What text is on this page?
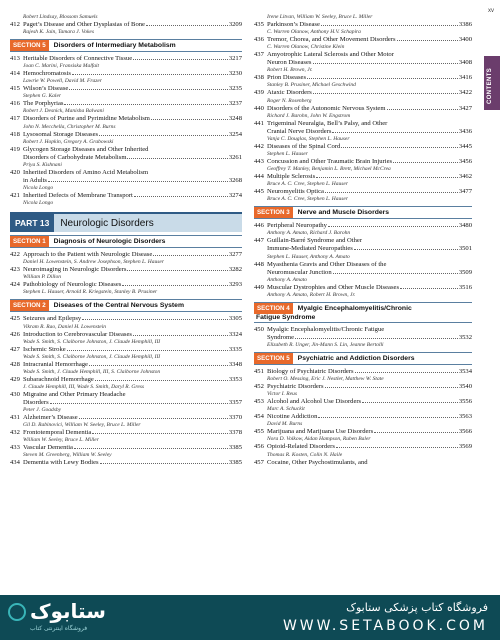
xv
CONTENTS
Robert Lindsay, Blossom Samuels
412 Paget’s Disease and Other Dysplasias of Bone	3209
Rajesh K. Jain, Tamara J. Vokes
SECTION 5	Disorders of Intermediary Metabolism
413 Heritable Disorders of Connective Tissue	3217
Joan C. Marini, Fransiska Malfait
414 Hemochromatosis	3230
Lawrie W. Powell, David M. Frazer
415 Wilson’s Disease	3235
Stephen G. Kaler
416 The Porphyrias	3237
Robert J. Desnick, Manisha Balwani
417 Disorders of Purine and Pyrimidine Metabolism	3248
John N. Mecchella, Christopher M. Burns
418 Lysosomal Storage Diseases	3254
Robert J. Hopkin, Gregory A. Grabowski
419 Glycogen Storage Diseases and Other Inherited
Disorders of Carbohydrate Metabolism	3261
Priya S. Kishnani
420 Inherited Disorders of Amino Acid Metabolism
in Adults	3268
Nicola Longo
421 Inherited Defects of Membrane Transport	3274
Nicola Longo
PART 13	Neurologic Disorders
SECTION 1	Diagnosis of Neurologic Disorders
422 Approach to the Patient with Neurologic Disease	3277
Daniel H. Lowenstein, S. Andrew Josephson, Stephen L. Hauser
423 Neuroimaging in Neurologic Disorders	3282
William P. Dillon
424 Pathobiology of Neurologic Diseases	3293
Stephen L. Hauser, Arnold R. Kriegstein, Stanley B. Prusiner
SECTION 2	Diseases of the Central Nervous System
425 Seizures and Epilepsy	3305
Vikram R. Rao, Daniel H. Lowenstein
426 Introduction to Cerebrovascular Diseases	3324
Wade S. Smith, S. Claiborne Johnston, J. Claude Hemphill, III
427 Ischemic Stroke	3335
Wade S. Smith, S. Claiborne Johnston, J. Claude Hemphill, III
428 Intracranial Hemorrhage	3348
Wade S. Smith, J. Claude Hemphill, III, S. Claiborne Johnston
429 Subarachnoid Hemorrhage	3353
J. Claude Hemphill, III, Wade S. Smith, Daryl R. Gress
430 Migraine and Other Primary Headache
Disorders	3357
Peter J. Goadsby
431 Alzheimer’s Disease	3370
Gil D. Rabinovici, William W. Seeley, Bruce L. Miller
432 Frontotemporal Dementia	3378
William W. Seeley, Bruce L. Miller
433 Vascular Dementia	3385
Steven M. Greenberg, William W. Seeley
434 Dementia with Lewy Bodies	3385
Irene Litvan, William W. Seeley, Bruce L. Miller
435 Parkinson’s Disease	3386
C. Warren Olanow, Anthony H.V. Schapira
436 Tremor, Chorea, and Other Movement Disorders	3400
C. Warren Olanow, Christine Klein
437 Amyotrophic Lateral Sclerosis and Other Motor
Neuron Diseases	3408
Robert H. Brown, Jr.
438 Prion Diseases	3416
Stanley B. Prusiner, Michael Geschwind
439 Ataxic Disorders	3422
Roger N. Rosenberg
440 Disorders of the Autonomic Nervous System	3427
Richard J. Barohn, John W. Engstrom
441 Trigeminal Neuralgia, Bell’s Palsy, and Other
Cranial Nerve Disorders	3436
Vanja C. Douglas, Stephen L. Hauser
442 Diseases of the Spinal Cord	3445
Stephen L. Hauser
443 Concussion and Other Traumatic Brain Injuries	3456
Geoffrey T. Manley, Benjamin L. Brett, Michael McCrea
444 Multiple Sclerosis	3462
Bruce A. C. Cree, Stephen L. Hauser
445 Neuromyelitis Optica	3477
Bruce A. C. Cree, Stephen L. Hauser
SECTION 3	Nerve and Muscle Disorders
446 Peripheral Neuropathy	3480
Anthony A. Amato, Richard J. Barohn
447 Guillain-Barré Syndrome and Other
Immune-Mediated Neuropathies	3501
Stephen L. Hauser, Anthony A. Amato
448 Myasthenia Gravis and Other Diseases of the
Neuromuscular Junction	3509
Anthony A. Amato
449 Muscular Dystrophies and Other Muscle Diseases	3516
Anthony A. Amato, Robert H. Brown, Jr.
SECTION 4	Myalgic Encephalomyelitis/Chronic
Fatigue Syndrome
450 Myalgic Encephalomyelitis/Chronic Fatigue
Syndrome	3532
Elizabeth R. Unger, Jin-Mann S. Lin, Jeanne Bertolli
SECTION 5	Psychiatric and Addiction Disorders
451 Biology of Psychiatric Disorders	3534
Robert O. Messing, Eric J. Nestler, Matthew W. State
452 Psychiatric Disorders	3540
Victor I. Reus
453 Alcohol and Alcohol Use Disorders	3556
Marc A. Schuckit
454 Nicotine Addiction	3563
David M. Burns
455 Marijuana and Marijuana Use Disorders	3566
Nora D. Volkow, Aidan Hampson, Ruben Baler
456 Opioid-Related Disorders	3569
Thomas R. Kosten, Colin N. Haile
457 Cocaine, Other Psychostimulants, and
ستابوک
فروشگاه اینترنتی کتاب
فروشگاه کتاب پزشکی ستابوک
WWW.SETABOOK.COM
